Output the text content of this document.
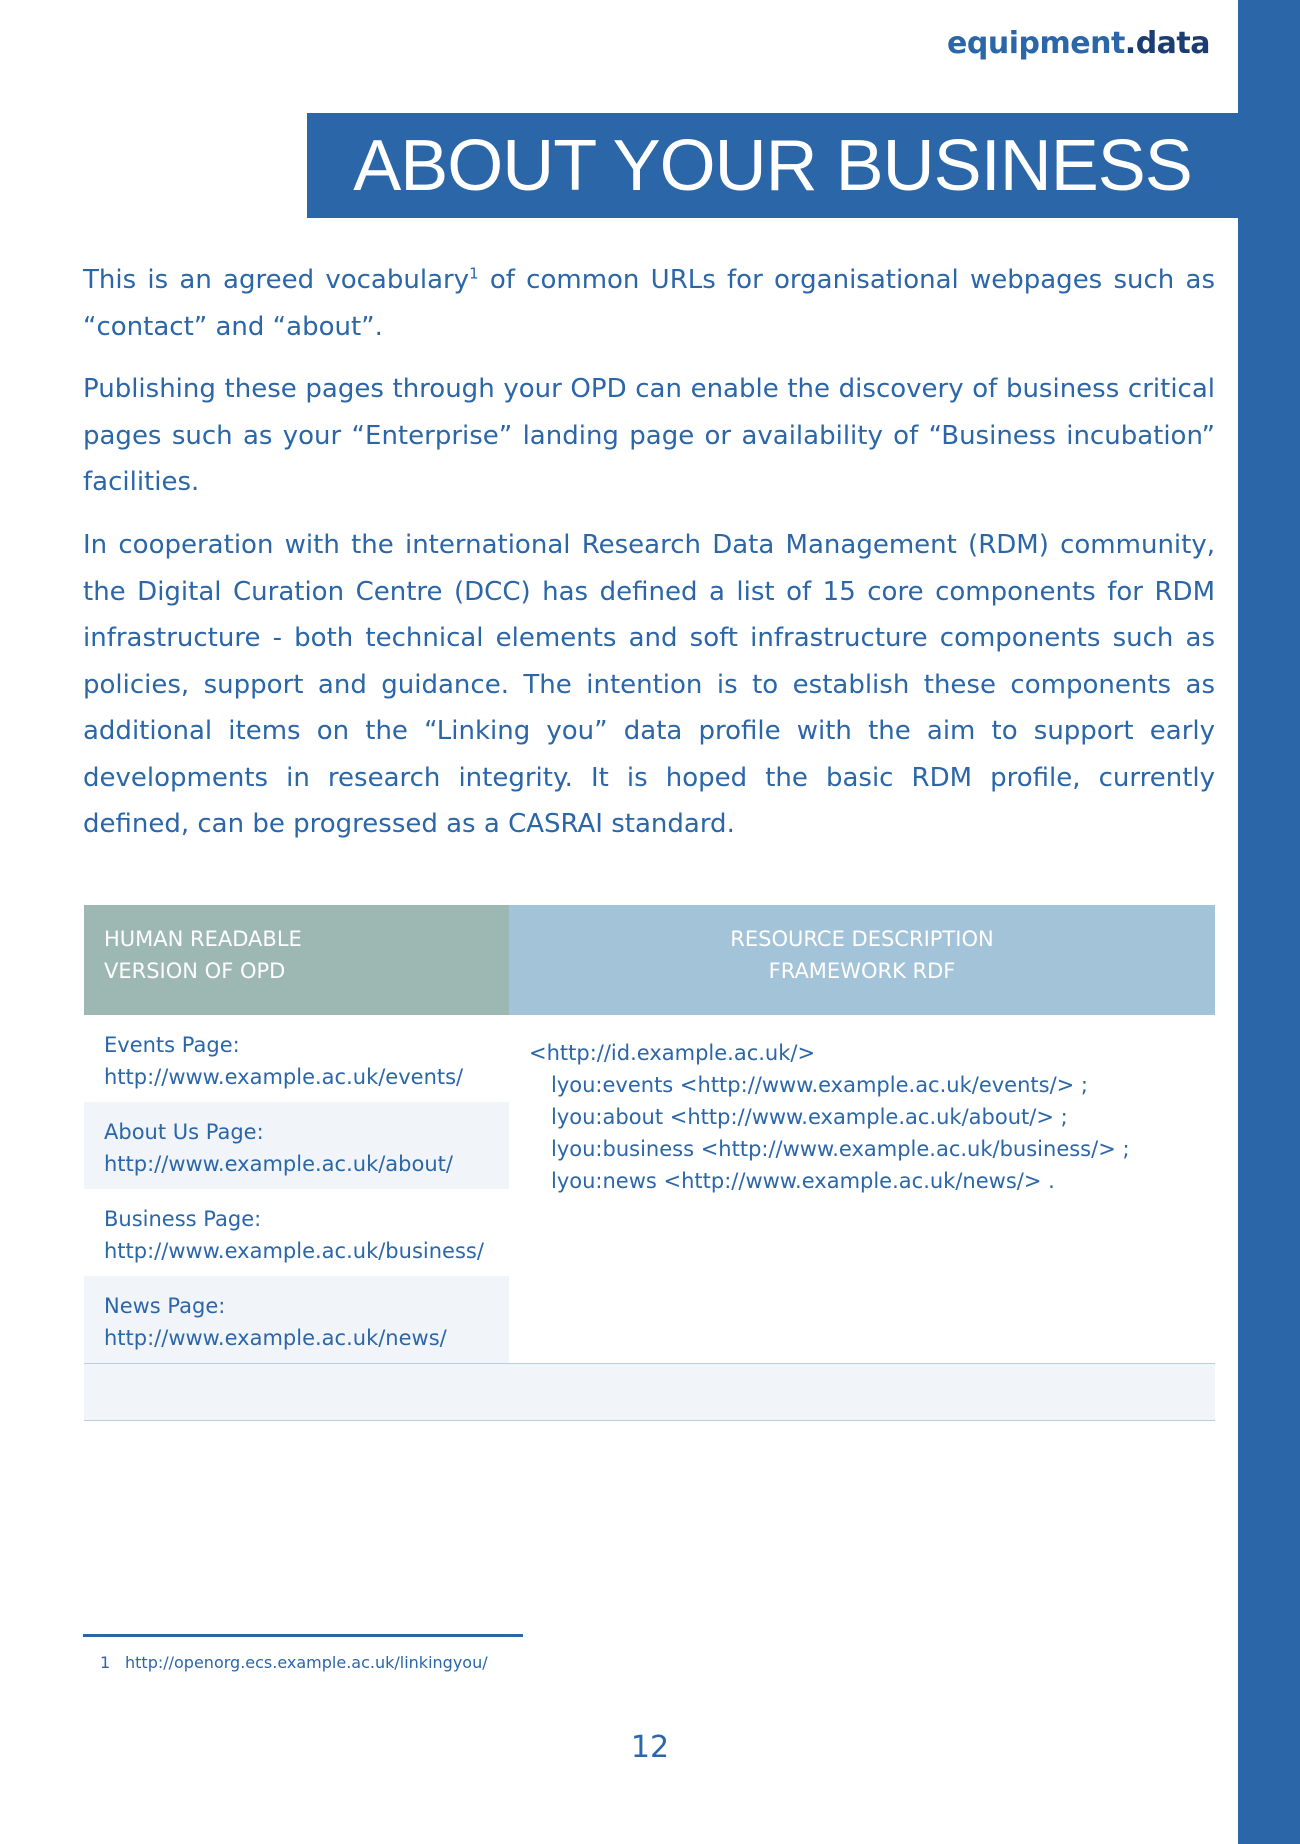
equipment.data
ABOUT YOUR BUSINESS

This is an agreed vocabulary$^1$ of common URLs for organisational webpages such as “contact” and “about”.

Publishing these pages through your OPD can enable the discovery of business critical pages such as your “Enterprise” landing page or availability of “Business incubation” facilities.

In cooperation with the international Research Data Management (RDM) community, the Digital Curation Centre (DCC) has defined a list of 15 core components for RDM infrastructure - both technical elements and soft infrastructure components such as policies, support and guidance. The intention is to establish these components as additional items on the “Linking you” data profile with the aim to support early developments in research integrity. It is hoped the basic RDM profile, currently defined, can be progressed as a CASRAI standard.

HUMAN READABLE
VERSION OF OPD
RESOURCE DESCRIPTION
FRAMEWORK RDF
Events Page:
http://www.example.ac.uk/events/
About Us Page:
http://www.example.ac.uk/about/
Business Page:
http://www.example.ac.uk/business/
News Page:
http://www.example.ac.uk/news/
<http://id.example.ac.uk/>
lyou:events <http://www.example.ac.uk/events/> ;
lyou:about <http://www.example.ac.uk/about/> ;
lyou:business <http://www.example.ac.uk/business/> ;
lyou:news <http://www.example.ac.uk/news/> .
1 http://openorg.ecs.example.ac.uk/linkingyou/
12
